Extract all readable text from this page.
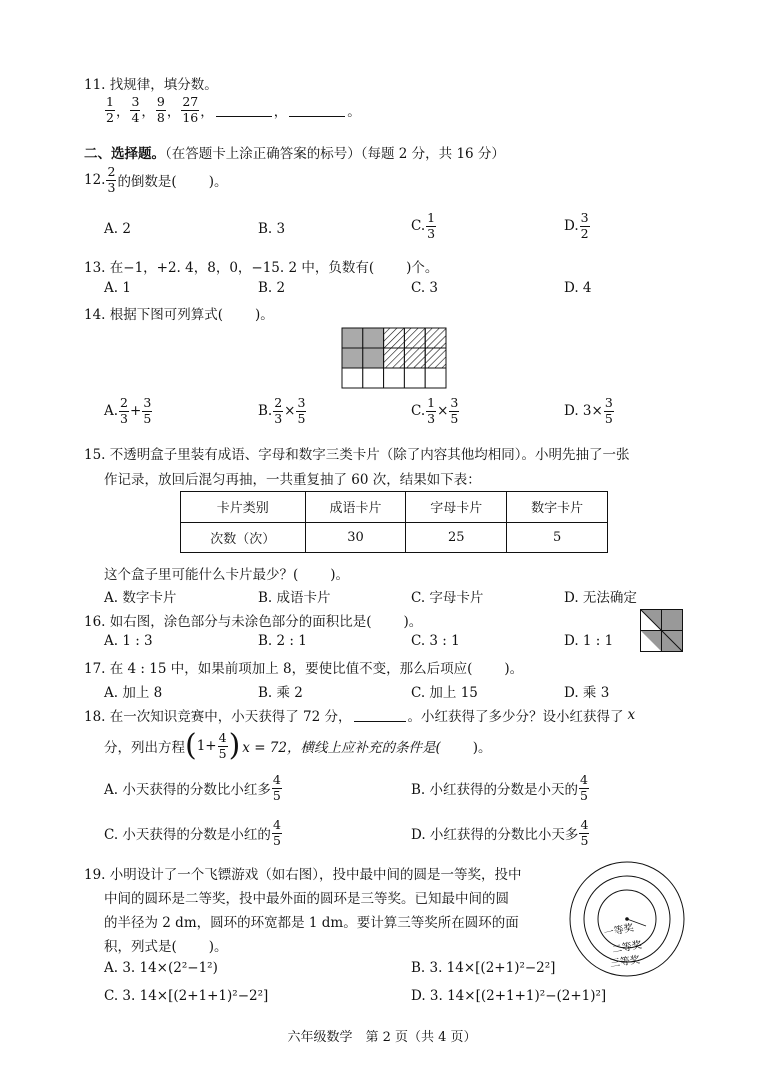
11. 找规律，填分数。
$\frac{1}{2}$ ， $\frac{3}{4}$ ， $\frac{9}{8}$ ， $\frac{27}{16}$ ，	，	。
二、选择题。（在答题卡上涂正确答案的标号）（每题 2 分，共 16 分）
12. $\frac{2}{3}$ 的倒数是( )。
A. 2	B. 3	C. $\frac{1}{3}$	D. $\frac{3}{2}$
13. 在−1，+2. 4，8，0，−15. 2 中，负数有( )个。
A. 1	B. 2	C. 3	D. 4
14. 根据下图可列算式( )。
A. $\frac{2}{3} + \frac{3}{5}$	B. $\frac{2}{3} \times \frac{3}{5}$	C. $\frac{1}{3} \times \frac{3}{5}$	D. $3\times \frac{3}{5}$
15. 不透明盒子里装有成语、字母和数字三类卡片（除了内容其他均相同）。小明先抽了一张
作记录，放回后混匀再抽，一共重复抽了 60 次，结果如下表：
卡片类别	成语卡片	字母卡片	数字卡片
次数（次）	30	25	5
这个盒子里可能什么卡片最少？( )。
A. 数字卡片	B. 成语卡片	C. 字母卡片	D. 无法确定
16. 如右图，涂色部分与未涂色部分的面积比是( )。
A. 1 : 3	B. 2 : 1	C. 3 : 1	D. 1 : 1
17. 在 4 : 15 中，如果前项加上 8，要使比值不变，那么后项应( )。
A. 加上 8	B. 乘 2	C. 加上 15	D. 乘 3
18. 在一次知识竞赛中，小天获得了 72 分，	。小红获得了多少分？设小红获得了 x
分，列出方程 ( $1+ \frac{4}{5}$ ) x = 72，横线上应补充的条件是( )。
A. 小天获得的分数比小红多 $\frac{4}{5}$	B. 小红获得的分数是小天的 $\frac{4}{5}$
C. 小天获得的分数是小红的 $\frac{4}{5}$	D. 小红获得的分数比小天多 $\frac{4}{5}$
19. 小明设计了一个飞镖游戏（如右图），投中最中间的圆是一等奖，投中
中间的圆环是二等奖，投中最外面的圆环是三等奖。已知最中间的圆
的半径为 2 dm，圆环的环宽都是 1 dm。要计算三等奖所在圆环的面
积，列式是( )。
一等奖
二等奖
三等奖
A. 3. 14×(2²−1²)	B. 3. 14×[(2+1)²−2²]
C. 3. 14×[(2+1+1)²−2²]	D. 3. 14×[(2+1+1)²−(2+1)²]
六年级数学　第 2 页（共 4 页）
